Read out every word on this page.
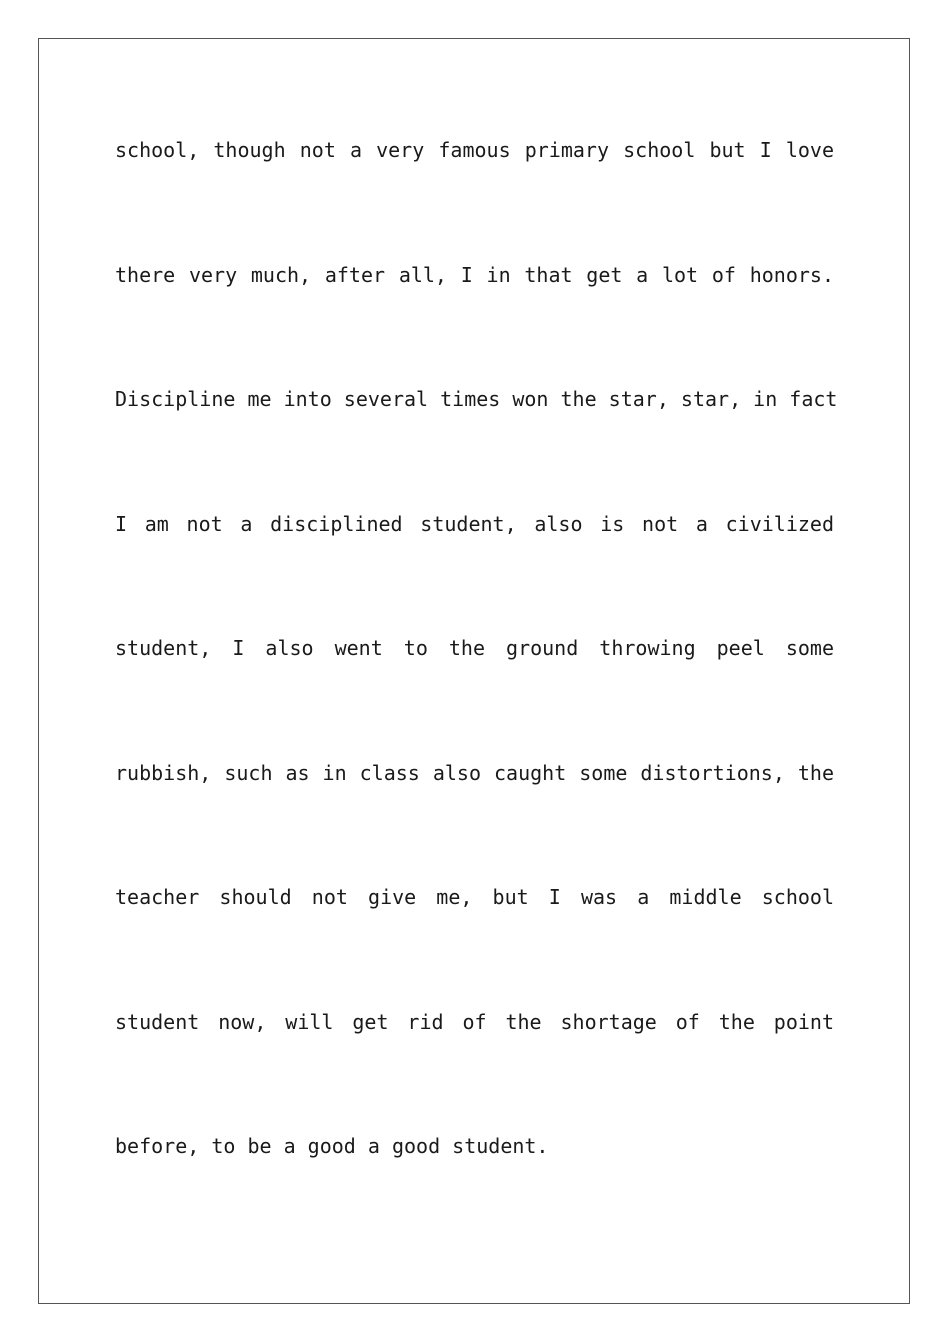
school, though not a very famous primary school but I love
there very much, after all, I in that get a lot of honors.
Discipline me into several times won the star, star, in fact
I am not a disciplined student, also is not a civilized
student, I also went to the ground throwing peel some
rubbish, such as in class also caught some distortions, the
teacher should not give me, but I was a middle school
student now, will get rid of the shortage of the point
before, to be a good a good student.
